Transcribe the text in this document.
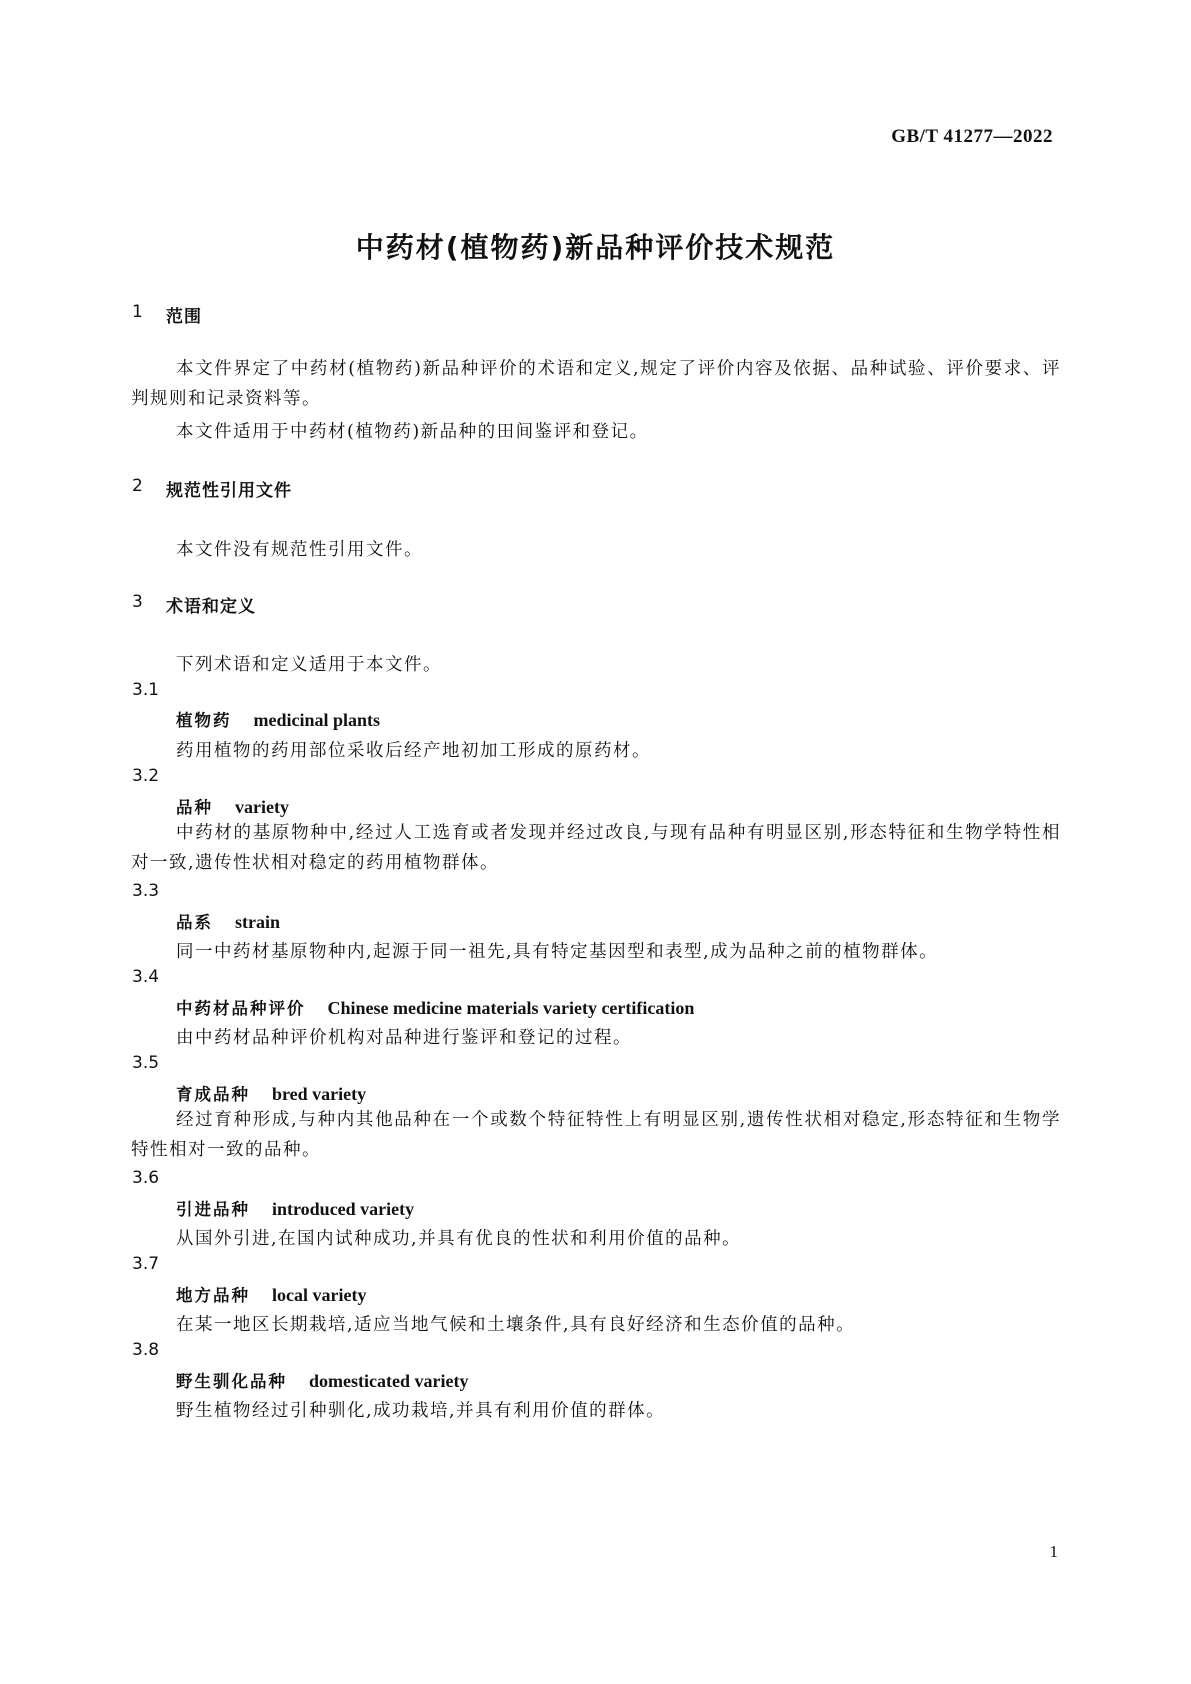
GB/T 41277—2022
中药材(植物药)新品种评价技术规范
1 范围
本文件界定了中药材(植物药)新品种评价的术语和定义,规定了评价内容及依据、品种试验、评价要求、评判规则和记录资料等。
本文件适用于中药材(植物药)新品种的田间鉴评和登记。
2 规范性引用文件
本文件没有规范性引用文件。
3 术语和定义
下列术语和定义适用于本文件。
3.1
植物药 medicinal plants
药用植物的药用部位采收后经产地初加工形成的原药材。
3.2
品种 variety
中药材的基原物种中,经过人工选育或者发现并经过改良,与现有品种有明显区别,形态特征和生物学特性相对一致,遗传性状相对稳定的药用植物群体。
3.3
品系 strain
同一中药材基原物种内,起源于同一祖先,具有特定基因型和表型,成为品种之前的植物群体。
3.4
中药材品种评价 Chinese medicine materials variety certification
由中药材品种评价机构对品种进行鉴评和登记的过程。
3.5
育成品种 bred variety
经过育种形成,与种内其他品种在一个或数个特征特性上有明显区别,遗传性状相对稳定,形态特征和生物学特性相对一致的品种。
3.6
引进品种 introduced variety
从国外引进,在国内试种成功,并具有优良的性状和利用价值的品种。
3.7
地方品种 local variety
在某一地区长期栽培,适应当地气候和土壤条件,具有良好经济和生态价值的品种。
3.8
野生驯化品种 domesticated variety
野生植物经过引种驯化,成功栽培,并具有利用价值的群体。
1
